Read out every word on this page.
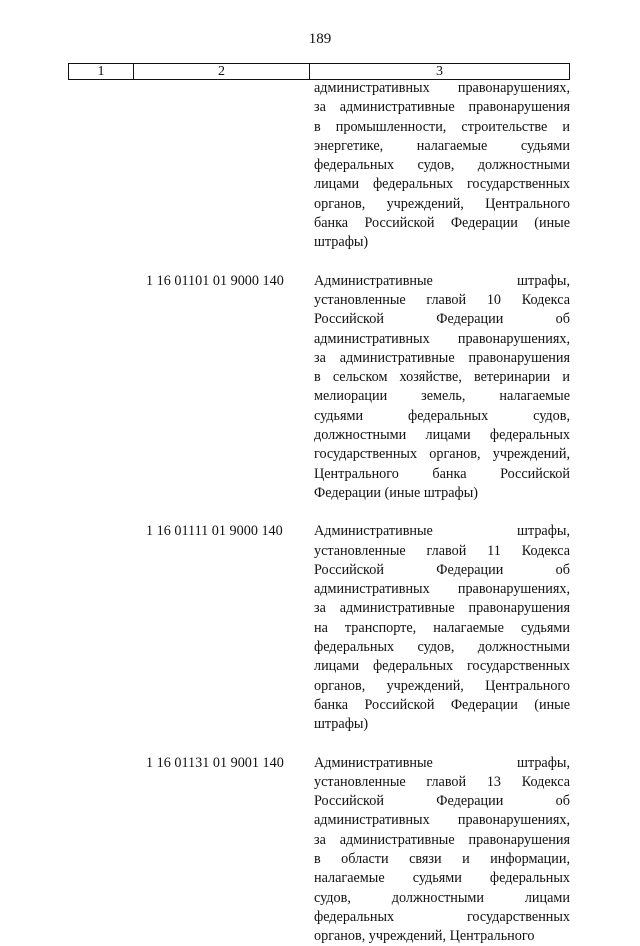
189
1	2	3
административных правонарушениях,
за административные правонарушения
в промышленности, строительстве и
энергетике, налагаемые судьями
федеральных судов, должностными
лицами федеральных государственных
органов, учреждений, Центрального
банка Российской Федерации (иные
штрафы)
1 16 01101 01 9000 140	Административные штрафы,
установленные главой 10 Кодекса
Российской Федерации об
административных правонарушениях,
за административные правонарушения
в сельском хозяйстве, ветеринарии и
мелиорации земель, налагаемые
судьями федеральных судов,
должностными лицами федеральных
государственных органов, учреждений,
Центрального банка Российской
Федерации (иные штрафы)
1 16 01111 01 9000 140	Административные штрафы,
установленные главой 11 Кодекса
Российской Федерации об
административных правонарушениях,
за административные правонарушения
на транспорте, налагаемые судьями
федеральных судов, должностными
лицами федеральных государственных
органов, учреждений, Центрального
банка Российской Федерации (иные
штрафы)
1 16 01131 01 9001 140	Административные штрафы,
установленные главой 13 Кодекса
Российской Федерации об
административных правонарушениях,
за административные правонарушения
в области связи и информации,
налагаемые судьями федеральных
судов, должностными лицами
федеральных государственных
органов, учреждений, Центрального
